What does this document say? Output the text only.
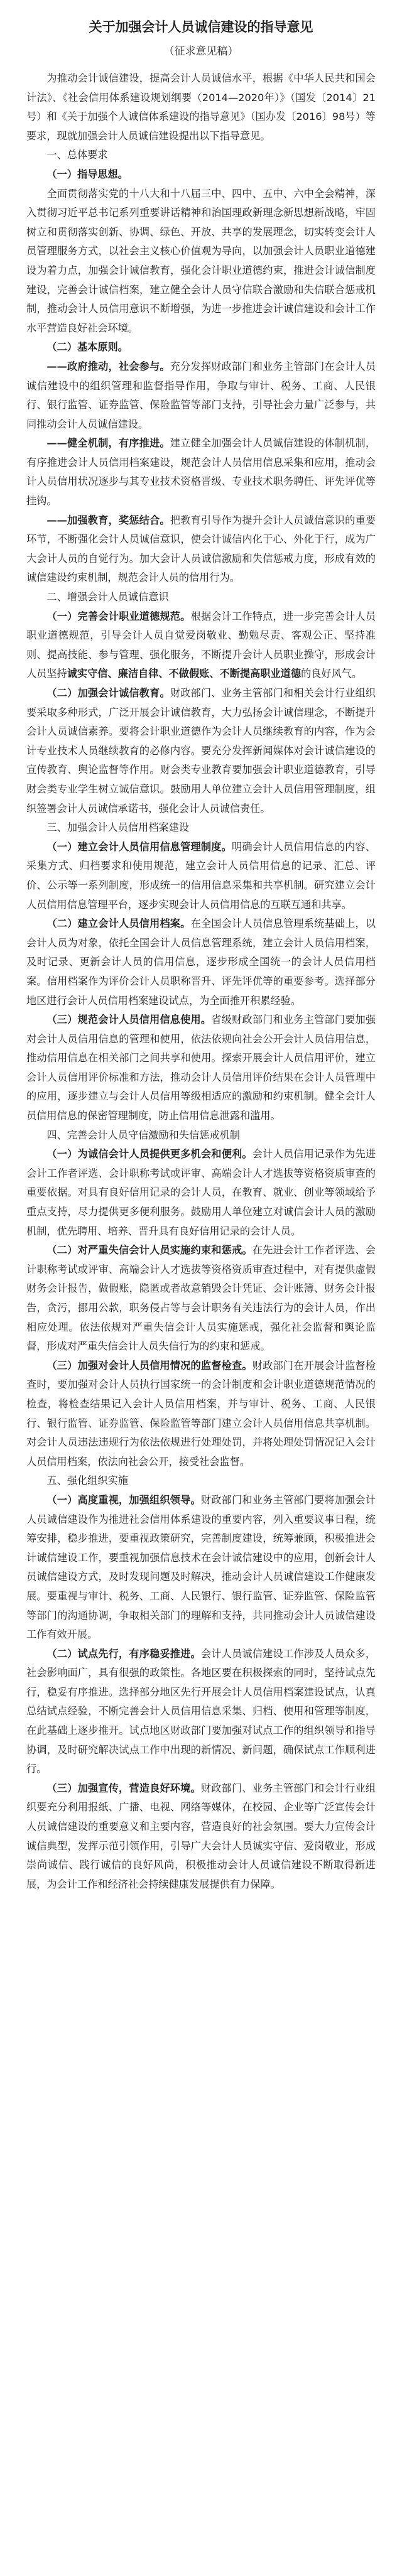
关于加强会计人员诚信建设的指导意见
（征求意见稿）

为推动会计诚信建设，提高会计人员诚信水平，根据《中华人民共和国会计法》、《社会信用体系建设规划纲要（2014—2020年）》（国发〔2014〕21号）和《关于加强个人诚信体系建设的指导意见》（国办发〔2016〕98号）等要求，现就加强会计人员诚信建设提出以下指导意见。

一、总体要求

（一）指导思想。

全面贯彻落实党的十八大和十八届三中、四中、五中、六中全会精神，深入贯彻习近平总书记系列重要讲话精神和治国理政新理念新思想新战略，牢固树立和贯彻落实创新、协调、绿色、开放、共享的发展理念，切实转变会计人员管理服务方式，以社会主义核心价值观为导向，以加强会计人员职业道德建设为着力点，加强会计诚信教育，强化会计职业道德约束，推进会计诚信制度建设，完善会计诚信档案，建立健全会计人员守信联合激励和失信联合惩戒机制，推动会计人员信用意识不断增强，为进一步推进会计诚信建设和会计工作水平营造良好社会环境。

（二）基本原则。

——政府推动，社会参与。充分发挥财政部门和业务主管部门在会计人员诚信建设中的组织管理和监督指导作用，争取与审计、税务、工商、人民银行、银行监管、证券监管、保险监管等部门支持，引导社会力量广泛参与，共同推动会计人员诚信建设。

——健全机制，有序推进。建立健全加强会计人员诚信建设的体制机制，有序推进会计人员信用档案建设，规范会计人员信用信息采集和应用，推动会计人员信用状况逐步与其专业技术资格晋级、专业技术职务聘任、评先评优等挂钩。

——加强教育，奖惩结合。把教育引导作为提升会计人员诚信意识的重要环节，不断强化会计人员诚信意识，使会计诚信内化于心、外化于行，成为广大会计人员的自觉行为。加大会计人员诚信激励和失信惩戒力度，形成有效的诚信建设约束机制，规范会计人员的信用行为。

二、增强会计人员诚信意识

（一）完善会计职业道德规范。根据会计工作特点，进一步完善会计人员职业道德规范，引导会计人员自觉爱岗敬业、勤勉尽责、客观公正、坚持准则、提高技能、参与管理、强化服务，不断提升会计人员职业操守，形成会计人员坚持诚实守信、廉洁自律、不做假账、不断提高职业道德的良好风气。

（二）加强会计诚信教育。财政部门、业务主管部门和相关会计行业组织要采取多种形式，广泛开展会计诚信教育，大力弘扬会计诚信理念，不断提升会计人员诚信素养。要将会计职业道德作为会计人员继续教育的内容，作为会计专业技术人员继续教育的必修内容。要充分发挥新闻媒体对会计诚信建设的宣传教育、舆论监督等作用。财会类专业教育要加强会计职业道德教育，引导财会类专业学生树立诚信意识。鼓励用人单位建立会计人员信用管理制度，组织签署会计人员诚信承诺书，强化会计人员诚信责任。

三、加强会计人员信用档案建设

（一）建立会计人员信用信息管理制度。明确会计人员信用信息的内容、采集方式、归档要求和使用规范，建立会计人员信用信息的记录、汇总、评价、公示等一系列制度，形成统一的信用信息采集和共享机制。研究建立会计人员信用信息管理平台，逐步实现会计人员信用信息的互联互通和共享。

（二）建立会计人员信用档案。在全国会计人员信息管理系统基础上，以会计人员为对象，依托全国会计人员信息管理系统，建立会计人员信用档案，及时记录、更新会计人员的信用信息，逐步形成全国统一的会计人员信用档案。信用档案作为评价会计人员职称晋升、评先评优等的重要参考。选择部分地区进行会计人员信用档案建设试点，为全面推开积累经验。

（三）规范会计人员信用信息使用。省级财政部门和业务主管部门要加强对会计人员信用信息的管理和使用，依法依规向社会公开会计人员信用信息，推动信用信息在相关部门之间共享和使用。探索开展会计人员信用评价，建立会计人员信用评价标准和方法，推动会计人员信用评价结果在会计人员管理中的应用，逐步建立与会计人员信用等级相适应的激励和约束机制。健全会计人员信用信息的保密管理制度，防止信用信息泄露和滥用。

四、完善会计人员守信激励和失信惩戒机制

（一）为诚信会计人员提供更多机会和便利。会计人员信用记录作为先进会计工作者评选、会计职称考试或评审、高端会计人才选拔等资格资质审查的重要依据。对具有良好信用记录的会计人员，在教育、就业、创业等领域给予重点支持，尽力提供更多便利服务。鼓励用人单位建立对诚信会计人员的激励机制，优先聘用、培养、晋升具有良好信用记录的会计人员。

（二）对严重失信会计人员实施约束和惩戒。在先进会计工作者评选、会计职称考试或评审、高端会计人才选拔等资格资质审查过程中，对有提供虚假财务会计报告，做假账，隐匿或者故意销毁会计凭证、会计账簿、财务会计报告，贪污，挪用公款，职务侵占等与会计职务有关违法行为的会计人员，作出相应处理。依法依规对严重失信会计人员实施惩戒，强化社会监督和舆论监督，形成对严重失信会计人员失信行为的约束和惩戒。

（三）加强对会计人员信用情况的监督检查。财政部门在开展会计监督检查时，要加强对会计人员执行国家统一的会计制度和会计职业道德规范情况的检查，将检查结果记入会计人员信用档案，并与审计、税务、工商、人民银行、银行监管、证券监管、保险监管等部门建立会计人员信用信息共享机制。对会计人员违法违规行为依法依规进行处理处罚，并将处理处罚情况记入会计人员信用档案，依法向社会公开，接受社会监督。

五、强化组织实施

（一）高度重视，加强组织领导。财政部门和业务主管部门要将加强会计人员诚信建设作为推进社会信用体系建设的重要内容，列入重要议事日程，统筹安排，稳步推进，要重视政策研究，完善制度建设，统筹兼顾，积极推进会计诚信建设工作，要重视加强信息技术在会计诚信建设中的应用，创新会计人员诚信建设方式，及时发现问题及时解决，推动会计人员诚信建设工作健康发展。要重视与审计、税务、工商、人民银行、银行监管、证券监管、保险监管等部门的沟通协调，争取相关部门的理解和支持，共同推动会计人员诚信建设工作有效开展。

（二）试点先行，有序稳妥推进。会计人员诚信建设工作涉及人员众多，社会影响面广，具有很强的政策性。各地区要在积极探索的同时，坚持试点先行，稳妥有序推进。选择部分地区先行开展会计人员信用档案建设试点，认真总结试点经验，不断完善会计人员信用信息采集、归档、使用和管理等制度，在此基础上逐步推开。试点地区财政部门要加强对试点工作的组织领导和指导协调，及时研究解决试点工作中出现的新情况、新问题，确保试点工作顺利进行。

（三）加强宣传，营造良好环境。财政部门、业务主管部门和会计行业组织要充分利用报纸、广播、电视、网络等媒体，在校园、企业等广泛宣传会计人员诚信建设的重要意义和主要内容，营造良好的社会氛围。要大力宣传会计诚信典型，发挥示范引领作用，引导广大会计人员诚实守信、爱岗敬业，形成崇尚诚信、践行诚信的良好风尚，积极推动会计人员诚信建设不断取得新进展，为会计工作和经济社会持续健康发展提供有力保障。
